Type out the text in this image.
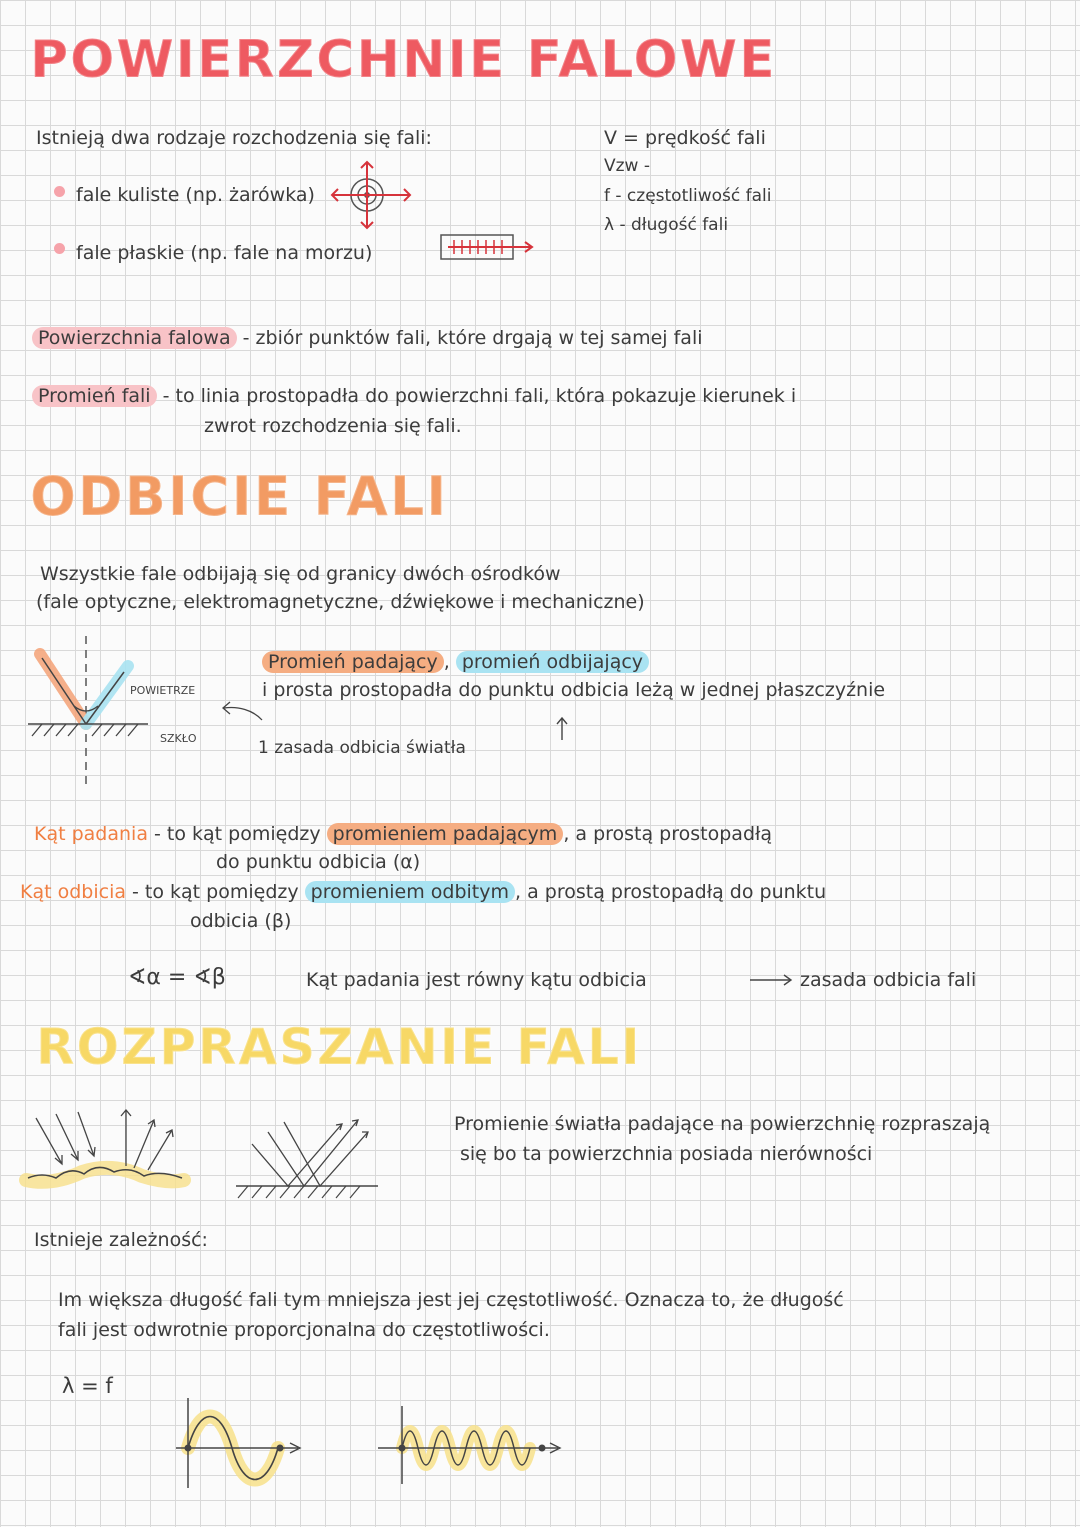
POWIERZCHNIE FALOWE
Istnieją dwa rodzaje rozchodzenia się fali:
fale kuliste (np. żarówka)
fale płaskie (np. fale na morzu)
V = prędkość fali
Vzw -
f - częstotliwość fali
λ - długość fali
Powierzchnia falowa - zbiór punktów fali, które drgają w tej samej fali
Promień fali - to linia prostopadła do powierzchni fali, która pokazuje kierunek i
zwrot rozchodzenia się fali.
ODBICIE FALI
Wszystkie fale odbijają się od granicy dwóch ośrodków
(fale optyczne, elektromagnetyczne, dźwiękowe i mechaniczne)
POWIETRZE
SZKŁO
Promień padający , promień odbijający
i prosta prostopadła do punktu odbicia leżą w jednej płaszczyźnie
1 zasada odbicia światła
Kąt padania - to kąt pomiędzy promieniem padającym , a prostą prostopadłą
do punktu odbicia (α)
Kąt odbicia - to kąt pomiędzy promieniem odbitym , a prostą prostopadłą do punktu
odbicia (β)
∢α = ∢β	Kąt padania jest równy kątu odbicia	zasada odbicia fali
ROZPRASZANIE FALI
Promienie światła padające na powierzchnię rozpraszają
się bo ta powierzchnia posiada nierówności
Istnieje zależność:
Im większa długość fali tym mniejsza jest jej częstotliwość. Oznacza to, że długość
fali jest odwrotnie proporcjonalna do częstotliwości.
λ = f
